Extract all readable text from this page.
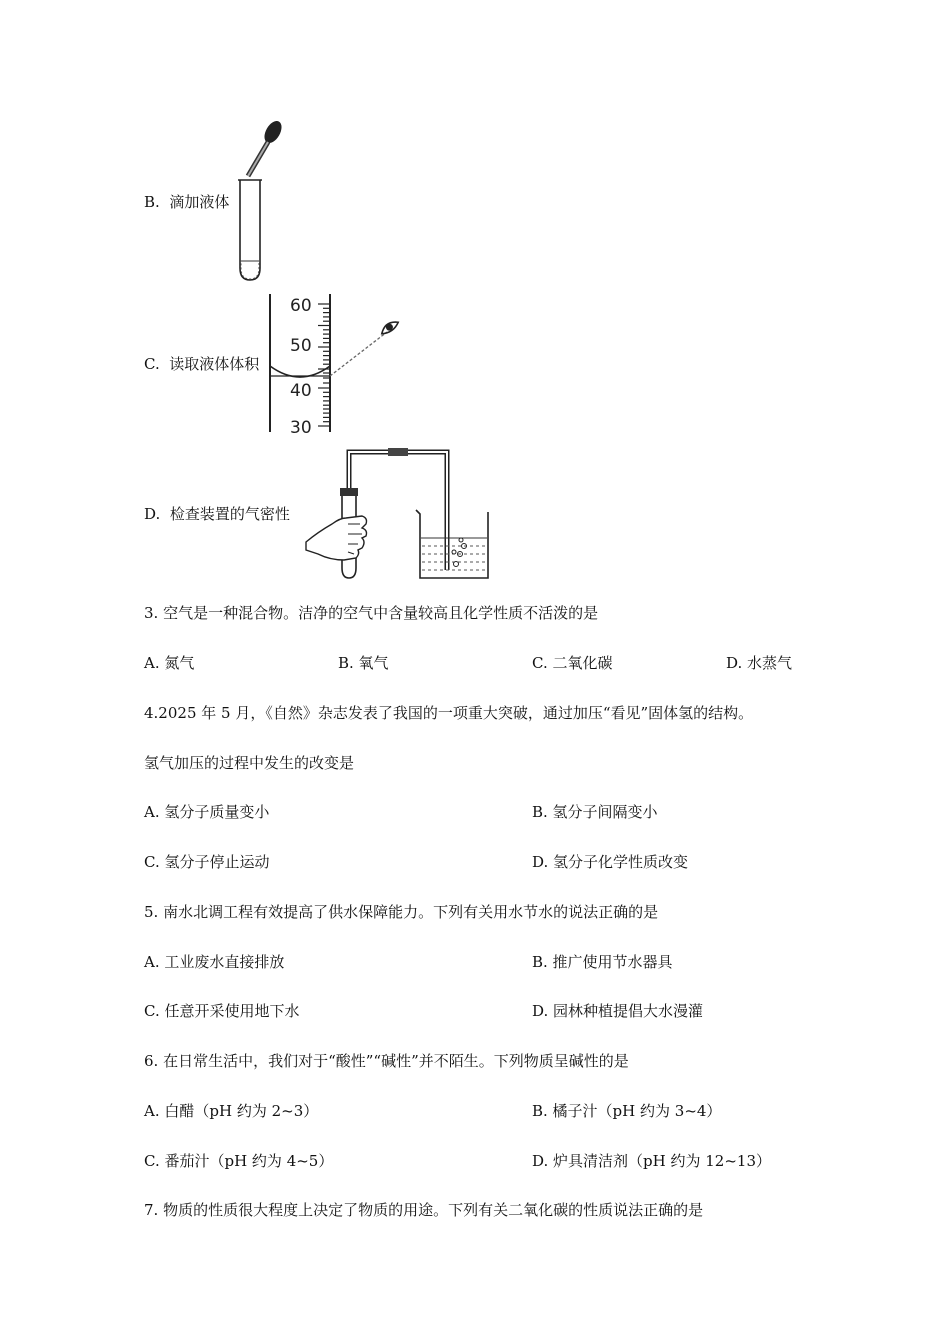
B. 滴加液体
C. 读取液体体积
60
50
40
30
D. 检查装置的气密性
3. 空气是一种混合物。洁净的空气中含量较高且化学性质不活泼的是
A. 氮气	B. 氧气	C. 二氧化碳	D. 水蒸气
4.2025 年 5 月，《自然》杂志发表了我国的一项重大突破，通过加压“看见”固体氢的结构。
氢气加压的过程中发生的改变是
A. 氢分子质量变小	B. 氢分子间隔变小
C. 氢分子停止运动	D. 氢分子化学性质改变
5. 南水北调工程有效提高了供水保障能力。下列有关用水节水的说法正确的是
A. 工业废水直接排放	B. 推广使用节水器具
C. 任意开采使用地下水	D. 园林种植提倡大水漫灌
6. 在日常生活中，我们对于“酸性”“碱性”并不陌生。下列物质呈碱性的是
A. 白醋（pH 约为 2~3）	B. 橘子汁（pH 约为 3~4）
C. 番茄汁（pH 约为 4~5）	D. 炉具清洁剂（pH 约为 12~13）
7. 物质的性质很大程度上决定了物质的用途。下列有关二氧化碳的性质说法正确的是
